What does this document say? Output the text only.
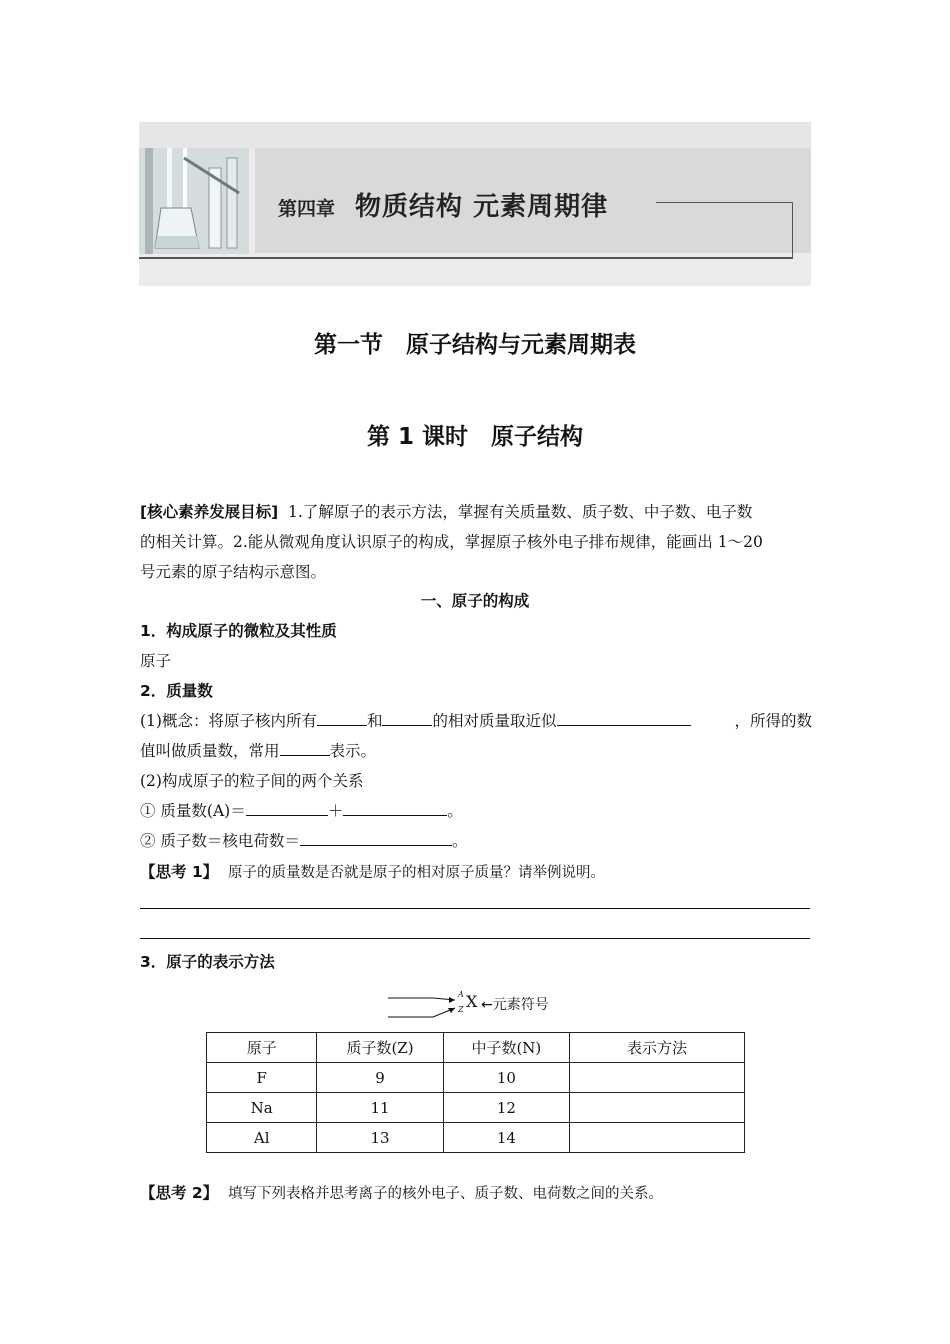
第四章 物质结构 元素周期律
第一节　原子结构与元素周期表
第 1 课时　原子结构
[核心素养发展目标] 1.了解原子的表示方法，掌握有关质量数、质子数、中子数、电子数
的相关计算。2.能从微观角度认识原子的构成，掌握原子核外电子排布规律，能画出 1～20
号元素的原子结构示意图。
一、原子的构成
1．构成原子的微粒及其性质
原子
2．质量数
(1)概念：将原子核内所有	和	的相对质量取近似	，所得的数
值叫做质量数，常用	表示。
(2)构成原子的粒子间的两个关系
① 质量数(A)＝	＋	。
② 质子数＝核电荷数＝	。
【思考 1】 原子的质量数是否就是原子的相对原子质量？请举例说明。
3．原子的表示方法
A
Z X ←元素符号
原子	质子数(Z)	中子数(N)	表示方法
F	9	10	
Na	11	12	
Al	13	14	
【思考 2】 填写下列表格并思考离子的核外电子、质子数、电荷数之间的关系。
